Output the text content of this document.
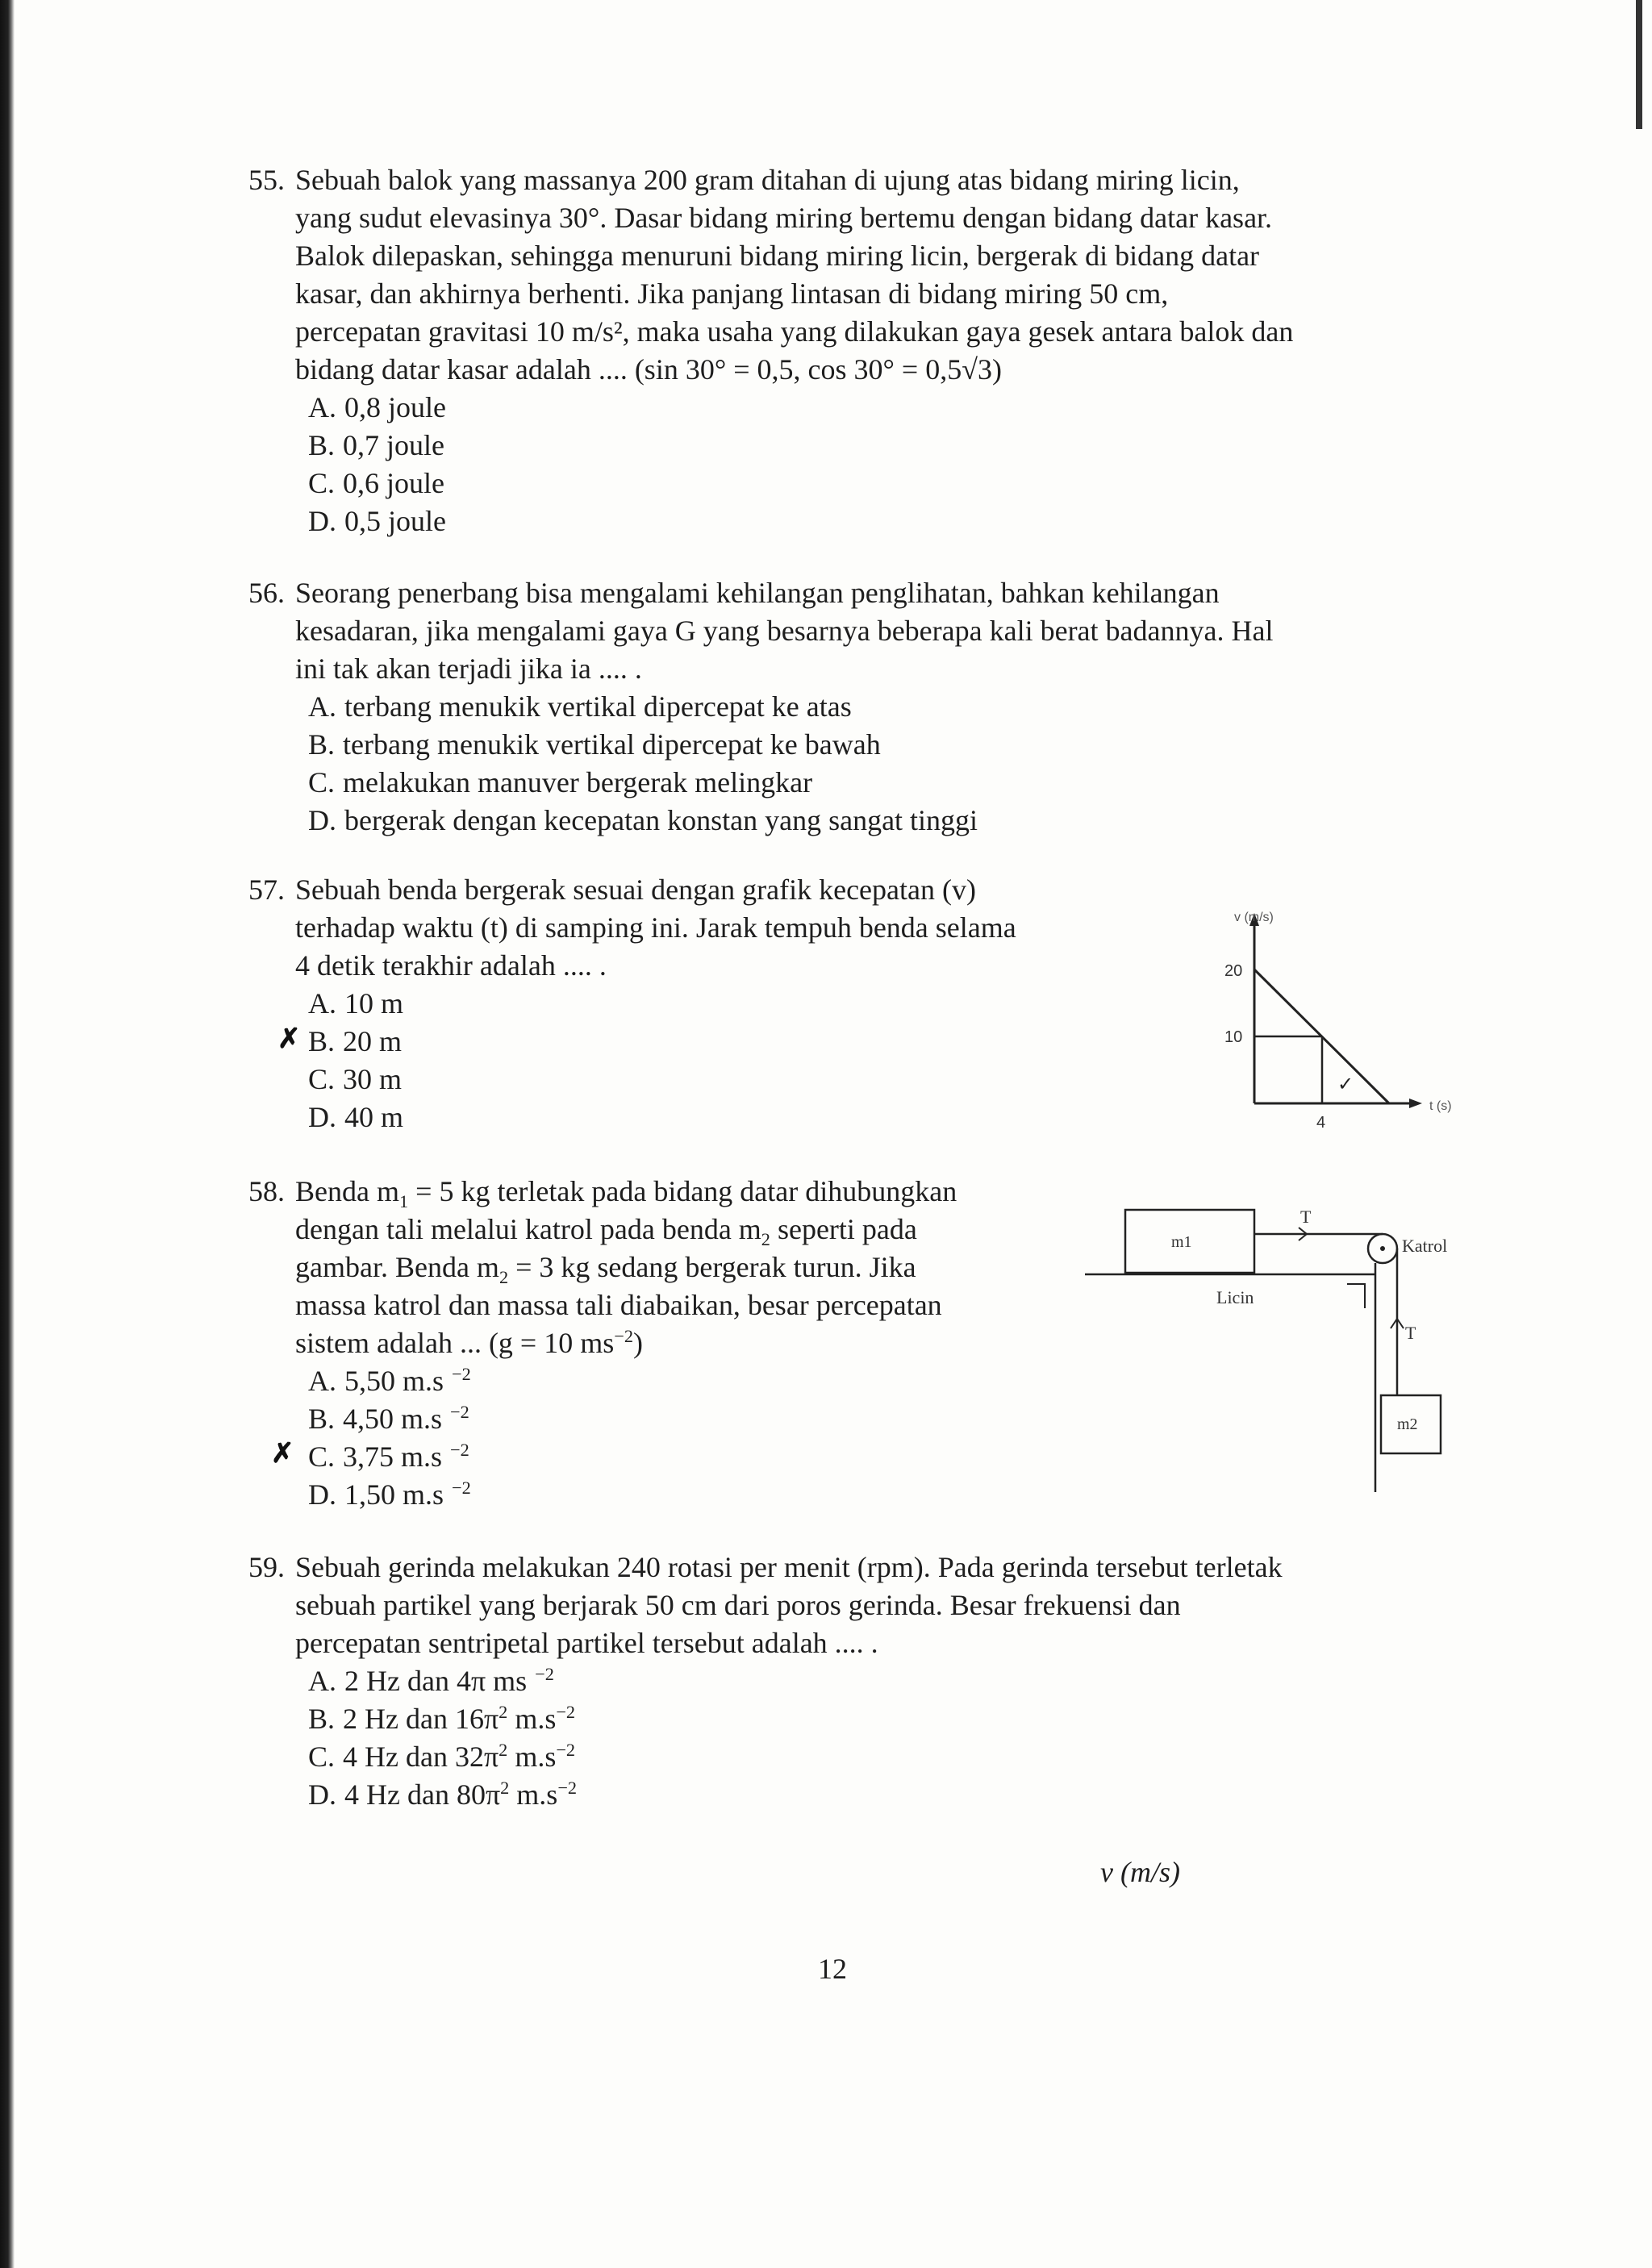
55. Sebuah balok yang massanya 200 gram ditahan di ujung atas bidang miring licin,

yang sudut elevasinya 30°. Dasar bidang miring bertemu dengan bidang datar kasar.

Balok dilepaskan, sehingga menuruni bidang miring licin, bergerak di bidang datar

kasar, dan akhirnya berhenti. Jika panjang lintasan di bidang miring 50 cm,

percepatan gravitasi 10 m/s², maka usaha yang dilakukan gaya gesek antara balok dan

bidang datar kasar adalah .... (sin 30° = 0,5, cos 30° = 0,5√3)

A. 0,8 joule
B. 0,7 joule
C. 0,6 joule
D. 0,5 joule
56. Seorang penerbang bisa mengalami kehilangan penglihatan, bahkan kehilangan

kesadaran, jika mengalami gaya G yang besarnya beberapa kali berat badannya. Hal

ini tak akan terjadi jika ia .... .

A. terbang menukik vertikal dipercepat ke atas
B. terbang menukik vertikal dipercepat ke bawah
C. melakukan manuver bergerak melingkar
D. bergerak dengan kecepatan konstan yang sangat tinggi
57. Sebuah benda bergerak sesuai dengan grafik kecepatan (v)

terhadap waktu (t) di samping ini. Jarak tempuh benda selama

4 detik terakhir adalah .... .

A. 10 m
B. 20 m
C. 30 m
D. 40 m
✗
20
10
4
v (m/s)
t (s)
✓
58. Benda $m_1 = 5$ kg terletak pada bidang datar dihubungkan

dengan tali melalui katrol pada benda $m_2$ seperti pada

gambar. Benda $m_2 = 3$ kg sedang bergerak turun. Jika

massa katrol dan massa tali diabaikan, besar percepatan

sistem adalah ... (g = 10 $ms^{-2}$)

A. 5,50 m.s $^{-2}$
B. 4,50 m.s $^{-2}$
C. 3,75 m.s $^{-2}$
D. 1,50 m.s $^{-2}$
✗
m1
T
Katrol
Licin
T
m2
59. Sebuah gerinda melakukan 240 rotasi per menit (rpm). Pada gerinda tersebut terletak

sebuah partikel yang berjarak 50 cm dari poros gerinda. Besar frekuensi dan

percepatan sentripetal partikel tersebut adalah .... .

A. 2 Hz dan 4π ms $^{-2}$
B. 2 Hz dan $16\pi^2$ $m.s^{-2}$
C. 4 Hz dan $32\pi^2$ $m.s^{-2}$
D. 4 Hz dan $80\pi^2$ $m.s^{-2}$
v (m/s)
12
